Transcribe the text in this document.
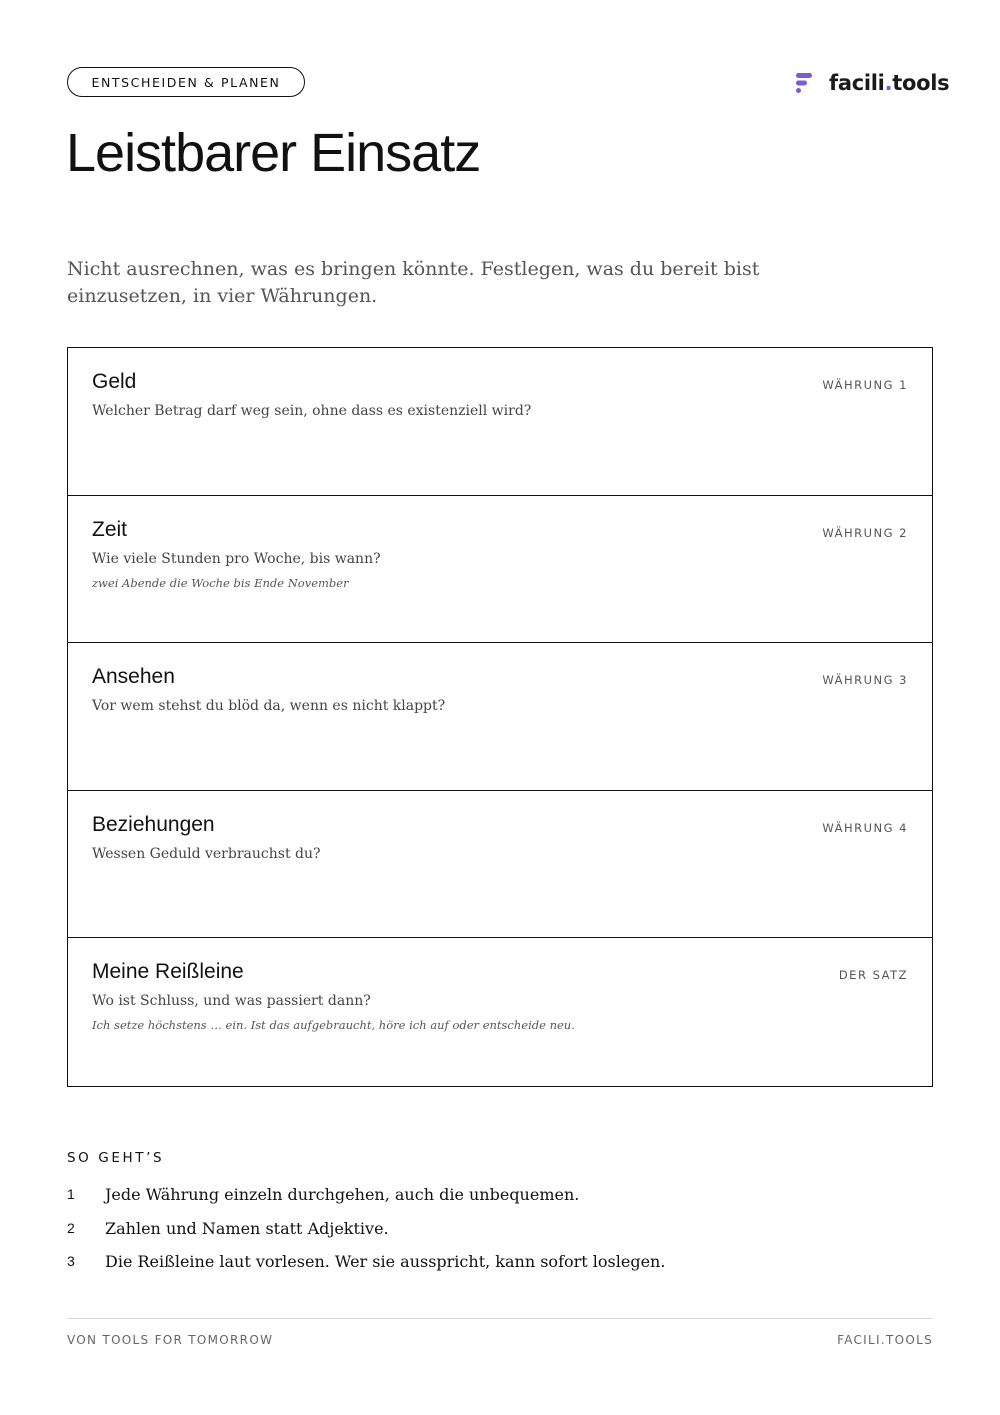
ENTSCHEIDEN & PLANEN	facili.tools
Leistbarer Einsatz

Nicht ausrechnen, was es bringen könnte. Festlegen, was du bereit bist einzusetzen, in vier Währungen.

Geld	WÄHRUNG 1
Welcher Betrag darf weg sein, ohne dass es existenziell wird?
Zeit	WÄHRUNG 2
Wie viele Stunden pro Woche, bis wann?
zwei Abende die Woche bis Ende November
Ansehen	WÄHRUNG 3
Vor wem stehst du blöd da, wenn es nicht klappt?
Beziehungen	WÄHRUNG 4
Wessen Geduld verbrauchst du?
Meine Reißleine	DER SATZ
Wo ist Schluss, und was passiert dann?
Ich setze höchstens … ein. Ist das aufgebraucht, höre ich auf oder entscheide neu.
SO GEHT’S
1 Jede Währung einzeln durchgehen, auch die unbequemen.
2 Zahlen und Namen statt Adjektive.
3 Die Reißleine laut vorlesen. Wer sie ausspricht, kann sofort loslegen.
VON TOOLS FOR TOMORROW	FACILI.TOOLS
